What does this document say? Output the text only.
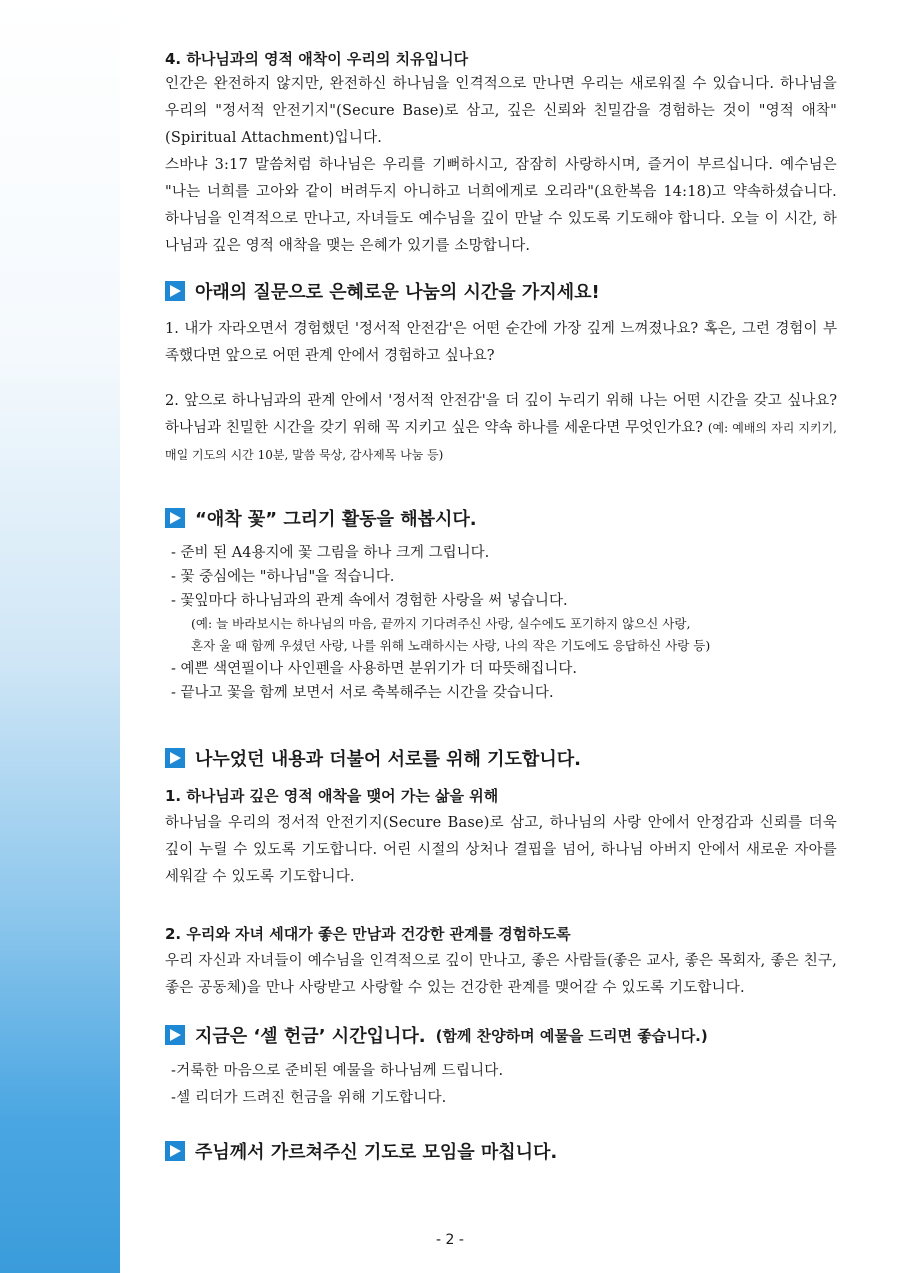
4. 하나님과의 영적 애착이 우리의 치유입니다

인간은 완전하지 않지만, 완전하신 하나님을 인격적으로 만나면 우리는 새로워질 수 있습니다. 하나님을 우리의 "정서적 안전기지"(Secure Base)로 삼고, 깊은 신뢰와 친밀감을 경험하는 것이 "영적 애착"(Spiritual Attachment)입니다.

스바냐 3:17 말씀처럼 하나님은 우리를 기뻐하시고, 잠잠히 사랑하시며, 즐거이 부르십니다. 예수님은 "나는 너희를 고아와 같이 버려두지 아니하고 너희에게로 오리라"(요한복음 14:18)고 약속하셨습니다. 하나님을 인격적으로 만나고, 자녀들도 예수님을 깊이 만날 수 있도록 기도해야 합니다. 오늘 이 시간, 하나님과 깊은 영적 애착을 맺는 은혜가 있기를 소망합니다.

아래의 질문으로 은혜로운 나눔의 시간을 가지세요!

1. 내가 자라오면서 경험했던 '정서적 안전감'은 어떤 순간에 가장 깊게 느껴졌나요? 혹은, 그런 경험이 부족했다면 앞으로 어떤 관계 안에서 경험하고 싶나요?

2. 앞으로 하나님과의 관계 안에서 '정서적 안전감'을 더 깊이 누리기 위해 나는 어떤 시간을 갖고 싶나요? 하나님과 친밀한 시간을 갖기 위해 꼭 지키고 싶은 약속 하나를 세운다면 무엇인가요? (예: 예배의 자리 지키기, 매일 기도의 시간 10분, 말씀 묵상, 감사제목 나눔 등)

“애착 꽃” 그리기 활동을 해봅시다.
- 준비 된 A4용지에 꽃 그림을 하나 크게 그립니다.
- 꽃 중심에는 "하나님"을 적습니다.
- 꽃잎마다 하나님과의 관계 속에서 경험한 사랑을 써 넣습니다.
(예: 늘 바라보시는 하나님의 마음, 끝까지 기다려주신 사랑, 실수에도 포기하지 않으신 사랑,
혼자 울 때 함께 우셨던 사랑, 나를 위해 노래하시는 사랑, 나의 작은 기도에도 응답하신 사랑 등)
- 예쁜 색연필이나 사인펜을 사용하면 분위기가 더 따뜻해집니다.
- 끝나고 꽃을 함께 보면서 서로 축복해주는 시간을 갖습니다.
나누었던 내용과 더불어 서로를 위해 기도합니다.

1. 하나님과 깊은 영적 애착을 맺어 가는 삶을 위해

하나님을 우리의 정서적 안전기지(Secure Base)로 삼고, 하나님의 사랑 안에서 안정감과 신뢰를 더욱 깊이 누릴 수 있도록 기도합니다. 어린 시절의 상처나 결핍을 넘어, 하나님 아버지 안에서 새로운 자아를 세워갈 수 있도록 기도합니다.

2. 우리와 자녀 세대가 좋은 만남과 건강한 관계를 경험하도록

우리 자신과 자녀들이 예수님을 인격적으로 깊이 만나고, 좋은 사람들(좋은 교사, 좋은 목회자, 좋은 친구, 좋은 공동체)을 만나 사랑받고 사랑할 수 있는 건강한 관계를 맺어갈 수 있도록 기도합니다.

지금은 ‘셀 헌금’ 시간입니다. (함께 찬양하며 예물을 드리면 좋습니다.)
-거룩한 마음으로 준비된 예물을 하나님께 드립니다.
-셀 리더가 드려진 헌금을 위해 기도합니다.
주님께서 가르쳐주신 기도로 모임을 마칩니다.
- 2 -
